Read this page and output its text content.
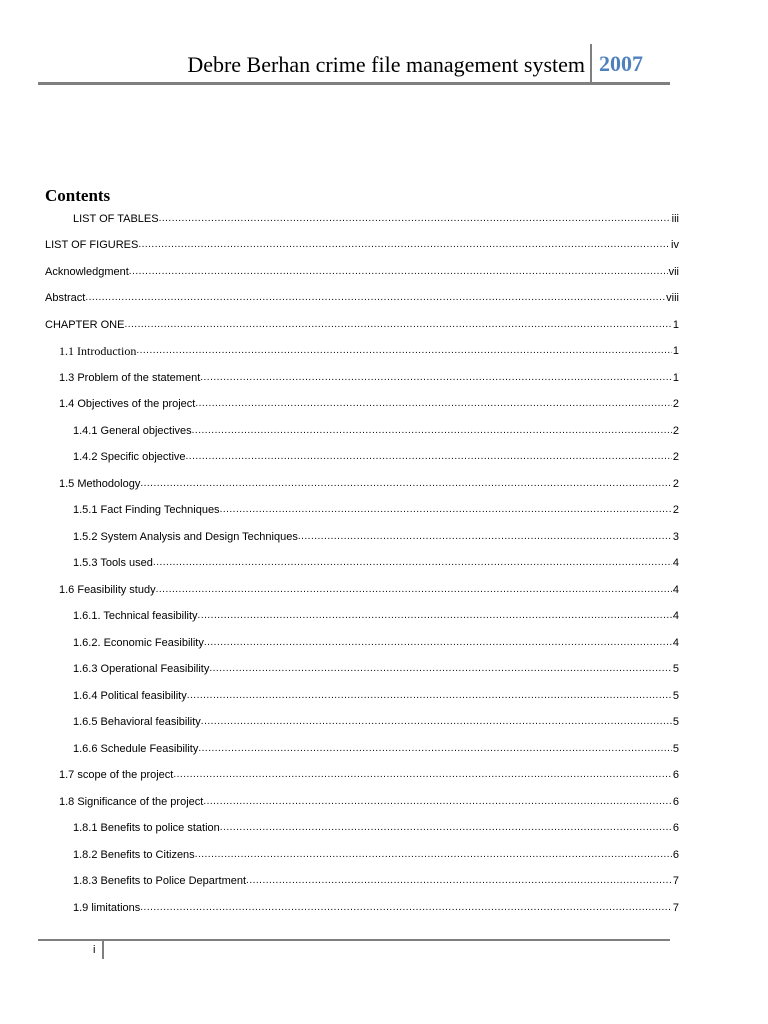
Debre Berhan crime file management system 2007
Contents
LIST OF TABLES .....	iii
LIST OF FIGURES .....	iv
Acknowledgment .....	vii
Abstract .....	viii
CHAPTER ONE .....	1
1.1 Introduction .....	1
1.3 Problem of the statement .....	1
1.4 Objectives of the project .....	2
1.4.1 General objectives .....	2
1.4.2 Specific objective .....	2
1.5 Methodology .....	2
1.5.1 Fact Finding Techniques .....	2
1.5.2 System Analysis and Design Techniques .....	3
1.5.3 Tools used .....	4
1.6 Feasibility study .....	4
1.6.1. Technical feasibility .....	4
1.6.2. Economic Feasibility .....	4
1.6.3 Operational Feasibility .....	5
1.6.4 Political feasibility .....	5
1.6.5 Behavioral feasibility .....	5
1.6.6 Schedule Feasibility .....	5
1.7 scope of the project .....	6
1.8 Significance of the project .....	6
1.8.1 Benefits to police station .....	6
1.8.2 Benefits to Citizens .....	6
1.8.3 Benefits to Police Department .....	7
1.9 limitations .....	7
i
